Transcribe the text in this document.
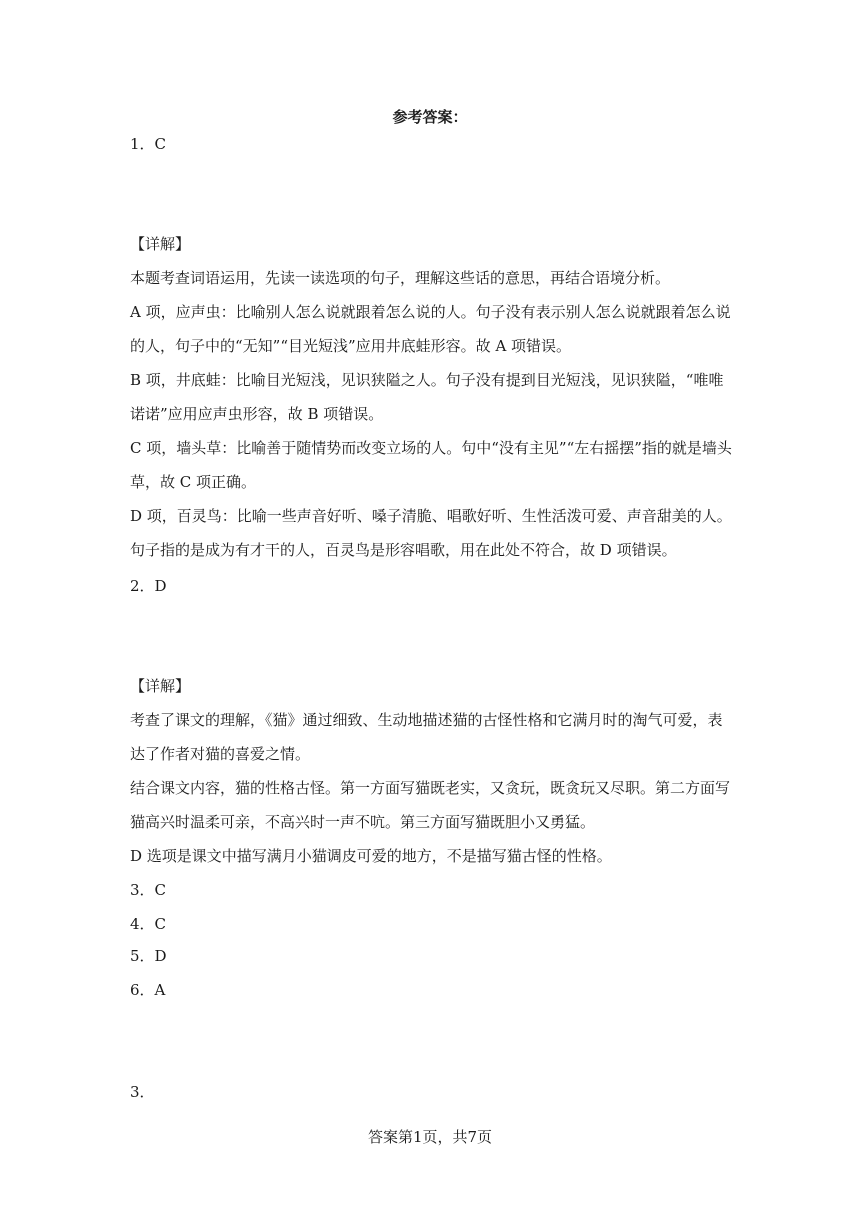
参考答案：
1．C
【详解】
本题考查词语运用，先读一读选项的句子，理解这些话的意思，再结合语境分析。
A 项，应声虫：比喻别人怎么说就跟着怎么说的人。句子没有表示别人怎么说就跟着怎么说
的人，句子中的“无知”“目光短浅”应用井底蛙形容。故 A 项错误。
B 项，井底蛙：比喻目光短浅，见识狭隘之人。句子没有提到目光短浅，见识狭隘，“唯唯
诺诺”应用应声虫形容，故 B 项错误。
C 项，墙头草：比喻善于随情势而改变立场的人。句中“没有主见”“左右摇摆”指的就是墙头
草，故 C 项正确。
D 项，百灵鸟：比喻一些声音好听、嗓子清脆、唱歌好听、生性活泼可爱、声音甜美的人。
句子指的是成为有才干的人，百灵鸟是形容唱歌，用在此处不符合，故 D 项错误。
2．D
【详解】
考查了课文的理解，《猫》通过细致、生动地描述猫的古怪性格和它满月时的淘气可爱，表
达了作者对猫的喜爱之情。
结合课文内容，猫的性格古怪。第一方面写猫既老实，又贪玩，既贪玩又尽职。第二方面写
猫高兴时温柔可亲，不高兴时一声不吭。第三方面写猫既胆小又勇猛。
D 选项是课文中描写满月小猫调皮可爱的地方，不是描写猫古怪的性格。
3．C
4．C
5．D
6．A
3．
答案第1页，共7页
